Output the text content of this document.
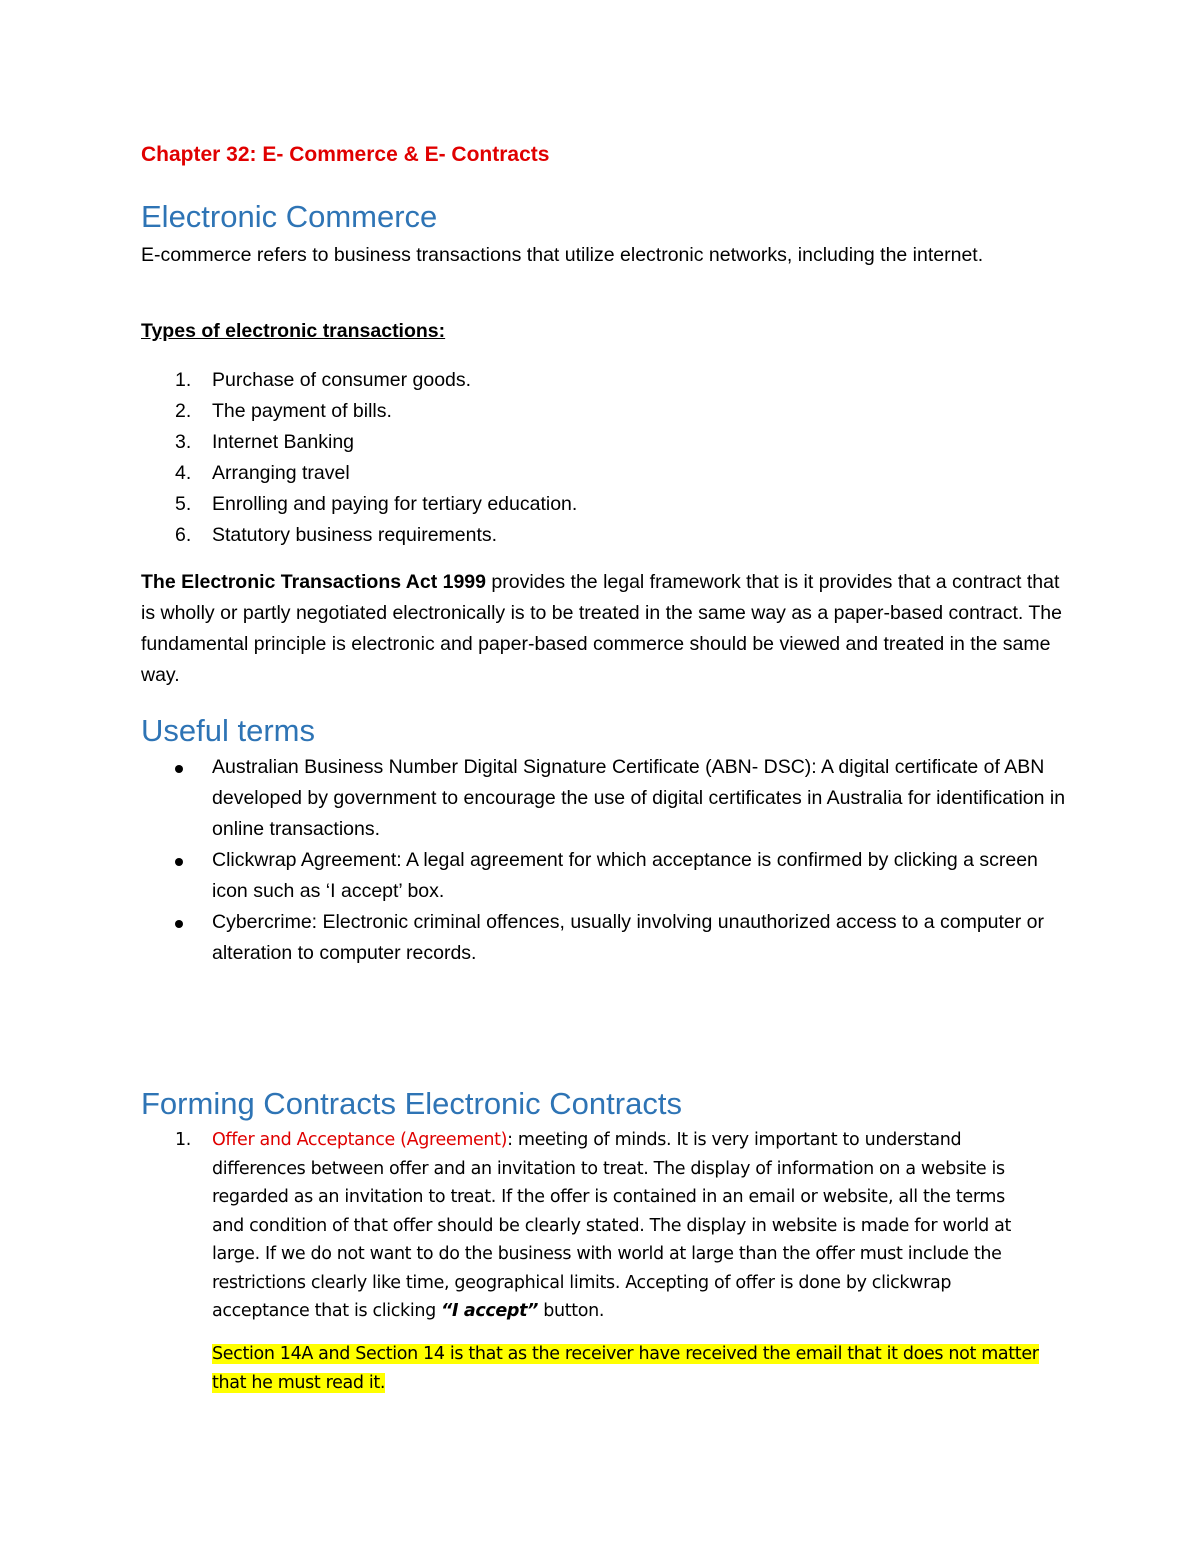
Chapter 32: E- Commerce & E- Contracts
Electronic Commerce

E-commerce refers to business transactions that utilize electronic networks, including the internet.

Types of electronic transactions:

1. Purchase of consumer goods.
2. The payment of bills.
3. Internet Banking
4. Arranging travel
5. Enrolling and paying for tertiary education.
6. Statutory business requirements.

The Electronic Transactions Act 1999 provides the legal framework that is it provides that a contract that is wholly or partly negotiated electronically is to be treated in the same way as a paper-based contract. The fundamental principle is electronic and paper-based commerce should be viewed and treated in the same way.

Useful terms
Australian Business Number Digital Signature Certificate (ABN- DSC): A digital certificate of ABN developed by government to encourage the use of digital certificates in Australia for identification in online transactions.
Clickwrap Agreement: A legal agreement for which acceptance is confirmed by clicking a screen icon such as ‘I accept’ box.
Cybercrime: Electronic criminal offences, usually involving unauthorized access to a computer or alteration to computer records.
Forming Contracts Electronic Contracts
1.	Offer and Acceptance (Agreement): meeting of minds. It is very important to understand differences between offer and an invitation to treat. The display of information on a website is regarded as an invitation to treat. If the offer is contained in an email or website, all the terms and condition of that offer should be clearly stated. The display in website is made for world at large. If we do not want to do the business with world at large than the offer must include the restrictions clearly like time, geographical limits. Accepting of offer is done by clickwrap acceptance that is clicking “I accept” button.

Section 14A and Section 14 is that as the receiver have received the email that it does not matter that he must read it.
